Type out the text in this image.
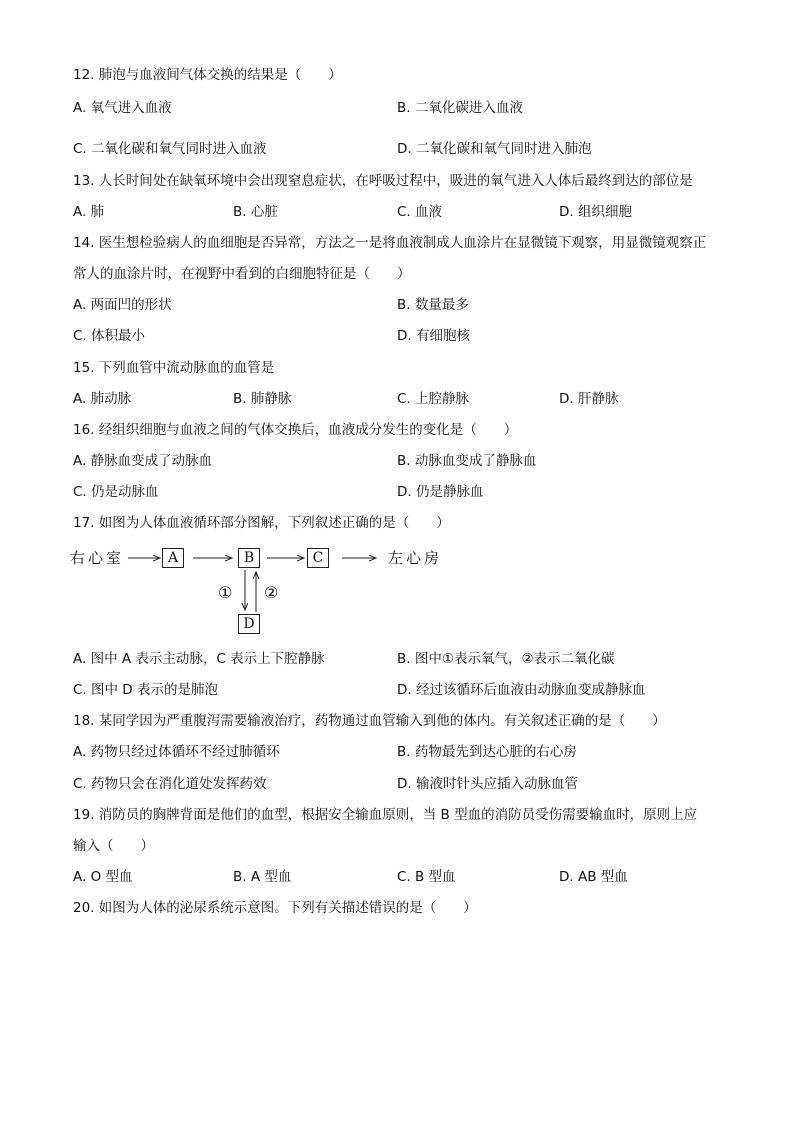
12. 肺泡与血液间气体交换的结果是（　　）
A. 氧气进入血液	B. 二氧化碳进入血液
C. 二氧化碳和氧气同时进入血液	D. 二氧化碳和氧气同时进入肺泡
13. 人长时间处在缺氧环境中会出现窒息症状，在呼吸过程中，吸进的氧气进入人体后最终到达的部位是
A. 肺	B. 心脏	C. 血液	D. 组织细胞
14. 医生想检验病人的血细胞是否异常，方法之一是将血液制成人血涂片在显微镜下观察，用显微镜观察正
常人的血涂片时，在视野中看到的白细胞特征是（　　）
A. 两面凹的形状	B. 数量最多
C. 体积最小	D. 有细胞核
15. 下列血管中流动脉血的血管是
A. 肺动脉	B. 肺静脉	C. 上腔静脉	D. 肝静脉
16. 经组织细胞与血液之间的气体交换后，血液成分发生的变化是（　　）
A. 静脉血变成了动脉血	B. 动脉血变成了静脉血
C. 仍是动脉血	D. 仍是静脉血
17. 如图为人体血液循环部分图解，下列叙述正确的是（　　）
右心室	A	B	C	左心房
① ②
D
A. 图中 A 表示主动脉，C 表示上下腔静脉	B. 图中①表示氧气，②表示二氧化碳
C. 图中 D 表示的是肺泡	D. 经过该循环后血液由动脉血变成静脉血
18. 某同学因为严重腹泻需要输液治疗，药物通过血管输入到他的体内。有关叙述正确的是（　　）
A. 药物只经过体循环不经过肺循环	B. 药物最先到达心脏的右心房
C. 药物只会在消化道处发挥药效	D. 输液时针头应插入动脉血管
19. 消防员的胸牌背面是他们的血型，根据安全输血原则，当 B 型血的消防员受伤需要输血时，原则上应
输入（　　）
A. O 型血	B. A 型血	C. B 型血	D. AB 型血
20. 如图为人体的泌尿系统示意图。下列有关描述错误的是（　　）
